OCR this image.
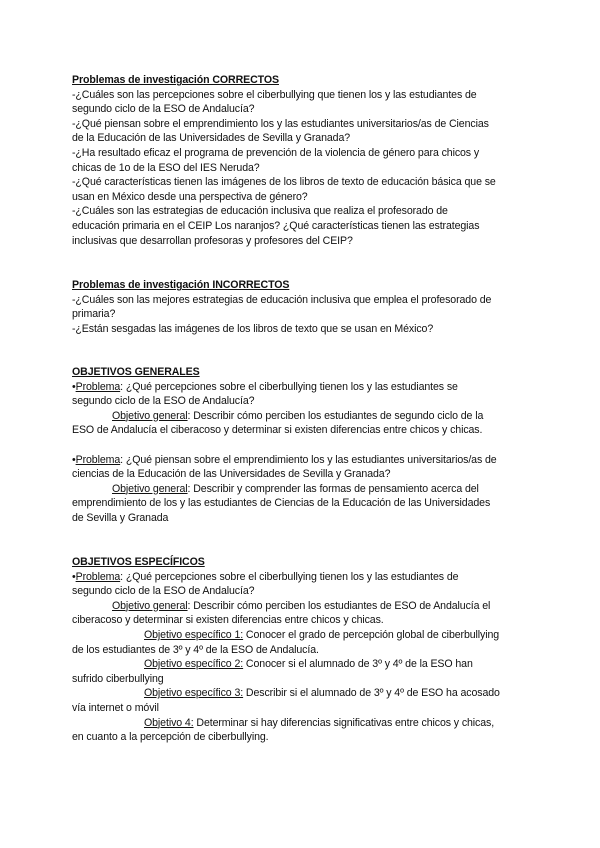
Problemas de investigación CORRECTOS
-¿Cuáles son las percepciones sobre el ciberbullying que tienen los y las estudiantes de
segundo ciclo de la ESO de Andalucía?
-¿Qué piensan sobre el emprendimiento los y las estudiantes universitarios/as de Ciencias
de la Educación de las Universidades de Sevilla y Granada?
-¿Ha resultado eficaz el programa de prevención de la violencia de género para chicos y
chicas de 1o de la ESO del IES Neruda?
-¿Qué características tienen las imágenes de los libros de texto de educación básica que se
usan en México desde una perspectiva de género?
-¿Cuáles son las estrategias de educación inclusiva que realiza el profesorado de
educación primaria en el CEIP Los naranjos? ¿Qué características tienen las estrategias
inclusivas que desarrollan profesoras y profesores del CEIP?
Problemas de investigación INCORRECTOS
-¿Cuáles son las mejores estrategias de educación inclusiva que emplea el profesorado de
primaria?
-¿Están sesgadas las imágenes de los libros de texto que se usan en México?
OBJETIVOS GENERALES
•Problema: ¿Qué percepciones sobre el ciberbullying tienen los y las estudiantes se
segundo ciclo de la ESO de Andalucía?
Objetivo general: Describir cómo perciben los estudiantes de segundo ciclo de la
ESO de Andalucía el ciberacoso y determinar si existen diferencias entre chicos y chicas.

•Problema: ¿Qué piensan sobre el emprendimiento los y las estudiantes universitarios/as de
ciencias de la Educación de las Universidades de Sevilla y Granada?
Objetivo general: Describir y comprender las formas de pensamiento acerca del
emprendimiento de los y las estudiantes de Ciencias de la Educación de las Universidades
de Sevilla y Granada
OBJETIVOS ESPECÍFICOS
•Problema: ¿Qué percepciones sobre el ciberbullying tienen los y las estudiantes de
segundo ciclo de la ESO de Andalucía?
Objetivo general: Describir cómo perciben los estudiantes de ESO de Andalucía el
ciberacoso y determinar si existen diferencias entre chicos y chicas.
Objetivo específico 1: Conocer el grado de percepción global de ciberbullying
de los estudiantes de 3º y 4º de la ESO de Andalucía.
Objetivo específico 2: Conocer si el alumnado de 3º y 4º de la ESO han
sufrido ciberbullying
Objetivo específico 3: Describir si el alumnado de 3º y 4º de ESO ha acosado
vía internet o móvil
Objetivo 4: Determinar si hay diferencias significativas entre chicos y chicas,
en cuanto a la percepción de ciberbullying.
